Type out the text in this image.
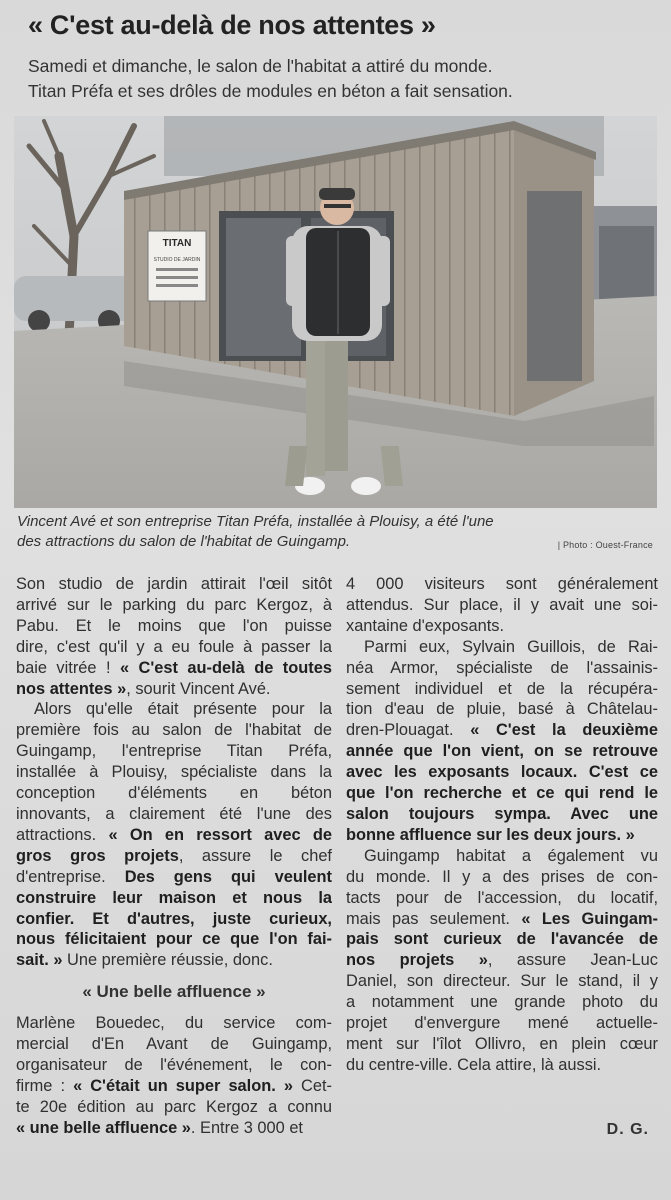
« C'est au-delà de nos attentes »
Samedi et dimanche, le salon de l'habitat a attiré du monde.
Titan Préfa et ses drôles de modules en béton a fait sensation.
TITAN
STUDIO DE JARDIN
Vincent Avé et son entreprise Titan Préfa, installée à Plouisy, a été l'une
des attractions du salon de l'habitat de Guingamp.	| Photo : Ouest-France

Son studio de jardin attirait l'œil sitôt
arrivé sur le parking du parc Kergoz, à
Pabu. Et le moins que l'on puisse
dire, c'est qu'il y a eu foule à passer la
baie vitrée ! « C'est au-delà de toutes
nos attentes », sourit Vincent Avé.

Alors qu'elle était présente pour la
première fois au salon de l'habitat de
Guingamp, l'entreprise Titan Préfa,
installée à Plouisy, spécialiste dans la
conception d'éléments en béton
innovants, a clairement été l'une des
attractions. « On en ressort avec de
gros gros projets, assure le chef
d'entreprise. Des gens qui veulent
construire leur maison et nous la
confier. Et d'autres, juste curieux,
nous félicitaient pour ce que l'on fai-
sait. » Une première réussie, donc.

« Une belle affluence »

Marlène Bouedec, du service com-
mercial d'En Avant de Guingamp,
organisateur de l'événement, le con-
firme : « C'était un super salon. » Cet-
te 20e édition au parc Kergoz a connu
« une belle affluence ». Entre 3 000 et

4 000 visiteurs sont généralement
attendus. Sur place, il y avait une soi-
xantaine d'exposants.

Parmi eux, Sylvain Guillois, de Rai-
néa Armor, spécialiste de l'assainis-
sement individuel et de la récupéra-
tion d'eau de pluie, basé à Châtelau-
dren-Plouagat. « C'est la deuxième
année que l'on vient, on se retrouve
avec les exposants locaux. C'est ce
que l'on recherche et ce qui rend le
salon toujours sympa. Avec une
bonne affluence sur les deux jours. »

Guingamp habitat a également vu
du monde. Il y a des prises de con-
tacts pour de l'accession, du locatif,
mais pas seulement. « Les Guingam-
pais sont curieux de l'avancée de
nos projets », assure Jean-Luc
Daniel, son directeur. Sur le stand, il y
a notamment une grande photo du
projet d'envergure mené actuelle-
ment sur l'îlot Ollivro, en plein cœur
du centre-ville. Cela attire, là aussi.

D. G.
